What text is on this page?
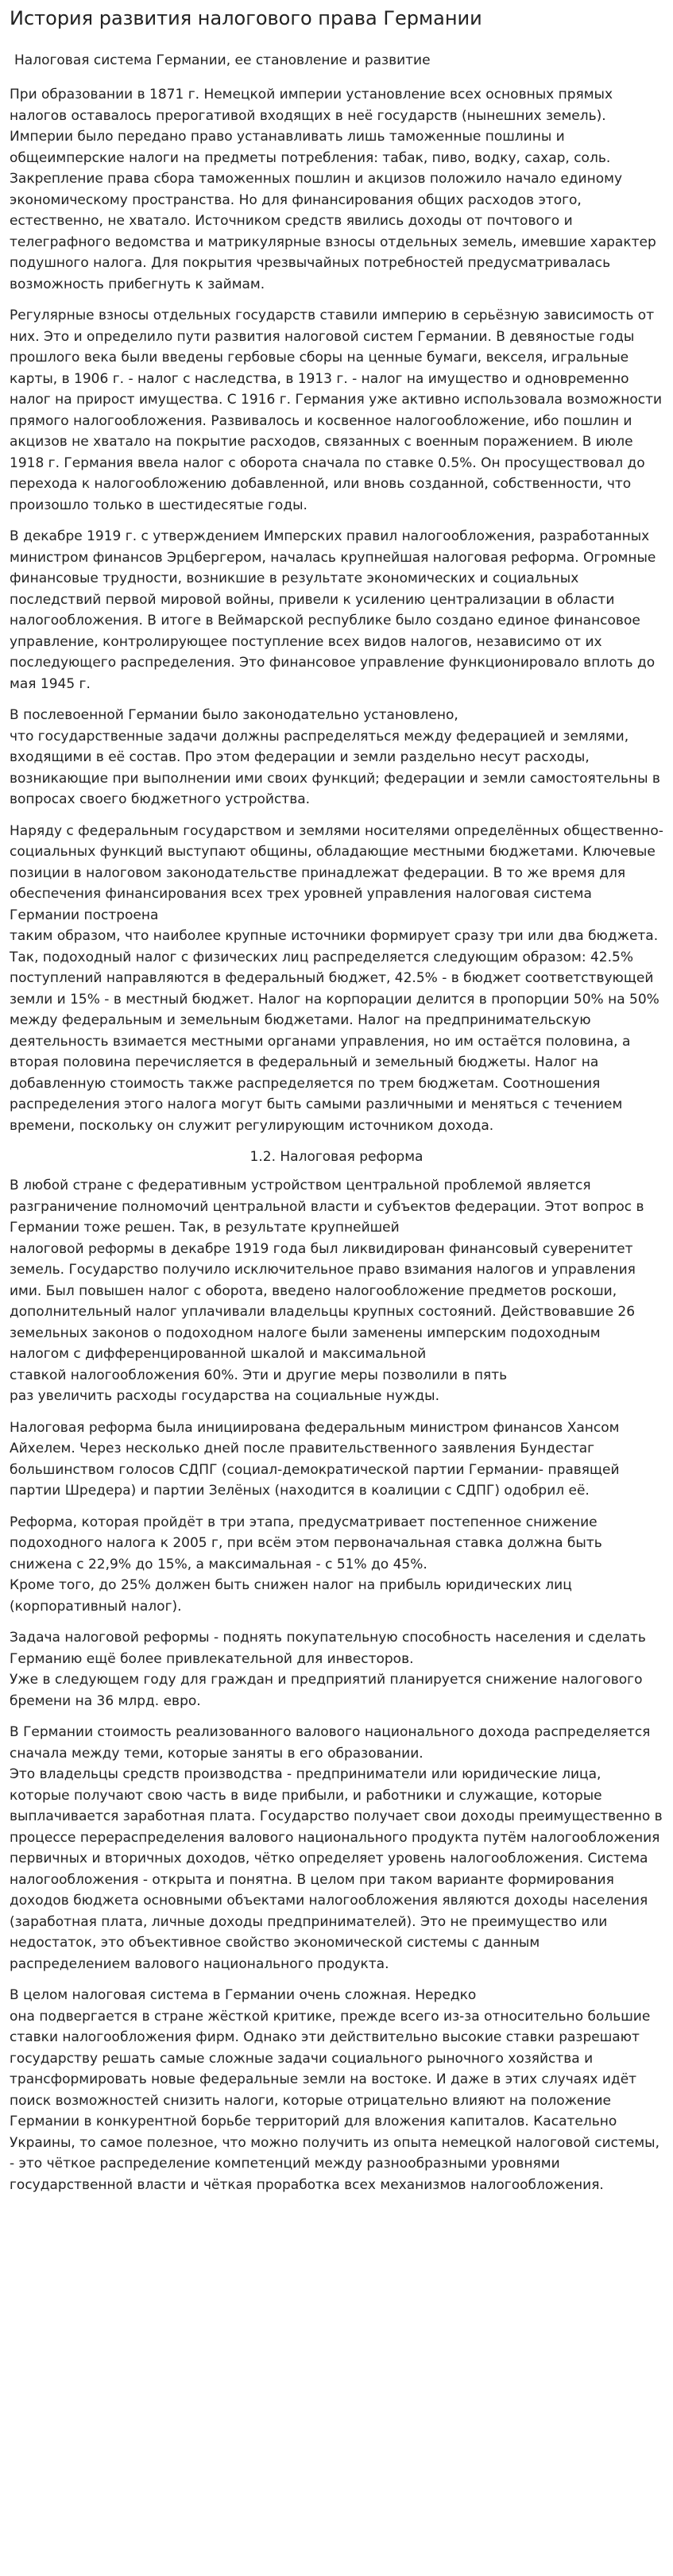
История развития налогового права Германии
Налоговая система Германии, ее становление и развитие

При образовании в 1871 г. Немецкой империи установление всех основных прямых налогов оставалось прерогативой входящих в неё государств (нынешних земель). Империи было передано право устанавливать лишь таможенные пошлины и общеимперские налоги на предметы потребления: табак, пиво, водку, сахар, соль. Закрепление права сбора таможенных пошлин и акцизов положило начало единому экономическому пространства. Но для финансирования общих расходов этого, естественно, не хватало. Источником средств явились доходы от почтового и телеграфного ведомства и матрикулярные взносы отдельных земель, имевшие характер подушного налога. Для покрытия чрезвычайных потребностей предусматривалась возможность прибегнуть к займам.

Регулярные взносы отдельных государств ставили империю в серьёзную зависимость от них. Это и определило пути развития налоговой систем Германии. В девяностые годы прошлого века были введены гербовые сборы на ценные бумаги, векселя, игральные карты, в 1906 г. - налог с наследства, в 1913 г. - налог на имущество и одновременно налог на прирост имущества. С 1916 г. Германия уже активно использовала возможности прямого налогообложения. Развивалось и косвенное налогообложение, ибо пошлин и акцизов не хватало на покрытие расходов, связанных с военным поражением. В июле 1918 г. Германия ввела налог с оборота сначала по ставке 0.5%. Он просуществовал до перехода к налогообложению добавленной, или вновь созданной, собственности, что произошло только в шестидесятые годы.

В декабре 1919 г. с утверждением Имперских правил налогообложения, разработанных министром финансов Эрцбергером, началась крупнейшая налоговая реформа. Огромные финансовые трудности, возникшие в результате экономических и социальных последствий первой мировой войны, привели к усилению централизации в области налогообложения. В итоге в Веймарской республике было создано единое финансовое управление, контролирующее поступление всех видов налогов, независимо от их последующего распределения. Это финансовое управление функционировало вплоть до мая 1945 г.

В послевоенной Германии было законодательно установлено,
что государственные задачи должны распределяться между федерацией и землями, входящими в её состав. Про этом федерации и земли раздельно несут расходы, возникающие при выполнении ими своих функций; федерации и земли самостоятельны в вопросах своего бюджетного устройства.

Наряду с федеральным государством и землями носителями определённых общественно-социальных функций выступают общины, обладающие местными бюджетами. Ключевые позиции в налоговом законодательстве принадлежат федерации. В то же время для обеспечения финансирования всех трех уровней управления налоговая система Германии построена
таким образом, что наиболее крупные источники формирует сразу три или два бюджета. Так, подоходный налог с физических лиц распределяется следующим образом: 42.5% поступлений направляются в федеральный бюджет, 42.5% - в бюджет соответствующей земли и 15% - в местный бюджет. Налог на корпорации делится в пропорции 50% на 50%
между федеральным и земельным бюджетами. Налог на предпринимательскую деятельность взимается местными органами управления, но им остаётся половина, а вторая половина перечисляется в федеральный и земельный бюджеты. Налог на добавленную стоимость также распределяется по трем бюджетам. Соотношения распределения этого налога могут быть самыми различными и меняться с течением времени, поскольку он служит регулирующим источником дохода.

1.2. Налоговая реформа

В любой стране с федеративным устройством центральной проблемой является разграничение полномочий центральной власти и субъектов федерации. Этот вопрос в Германии тоже решен. Так, в результате крупнейшей
налоговой реформы в декабре 1919 года был ликвидирован финансовый суверенитет земель. Государство получило исключительное право взимания налогов и управления ими. Был повышен налог с оборота, введено налогообложение предметов роскоши, дополнительный налог уплачивали владельцы крупных состояний. Действовавшие 26
земельных законов о подоходном налоге были заменены имперским подоходным налогом с дифференцированной шкалой и максимальной
ставкой налогообложения 60%. Эти и другие меры позволили в пять
раз увеличить расходы государства на социальные нужды.

Налоговая реформа была инициирована федеральным министром финансов Хансом Айхелем. Через несколько дней после правительственного заявления Бундестаг большинством голосов СДПГ (социал-демократической партии Германии- правящей партии Шредера) и партии Зелёных (находится в коалиции с СДПГ) одобрил её.

Реформа, которая пройдёт в три этапа, предусматривает постепенное снижение подоходного налога к 2005 г, при всём этом первоначальная ставка должна быть снижена с 22,9% до 15%, а максимальная - с 51% до 45%.
Кроме того, до 25% должен быть снижен налог на прибыль юридических лиц (корпоративный налог).

Задача налоговой реформы - поднять покупательную способность населения и сделать Германию ещё более привлекательной для инвесторов.
Уже в следующем году для граждан и предприятий планируется снижение налогового бремени на 36 млрд. евро.

В Германии стоимость реализованного валового национального дохода распределяется сначала между теми, которые заняты в его образовании.
Это владельцы средств производства - предприниматели или юридические лица, которые получают свою часть в виде прибыли, и работники и служащие, которые выплачивается заработная плата. Государство получает свои доходы преимущественно в процессе перераспределения валового национального продукта путём налогообложения первичных и вторичных доходов, чётко определяет уровень налогообложения. Система налогообложения - открыта и понятна. В целом при таком варианте формирования доходов бюджета основными объектами налогообложения являются доходы населения (заработная плата, личные доходы предпринимателей). Это не преимущество или недостаток, это объективное свойство экономической системы с данным распределением валового национального продукта.

В целом налоговая система в Германии очень сложная. Нередко
она подвергается в стране жёсткой критике, прежде всего из-за относительно большие ставки налогообложения фирм. Однако эти действительно высокие ставки разрешают государству решать самые сложные задачи социального рыночного хозяйства и трансформировать новые федеральные земли на востоке. И даже в этих случаях идёт поиск возможностей снизить налоги, которые отрицательно влияют на положение Германии в конкурентной борьбе территорий для вложения капиталов. Касательно Украины, то самое полезное, что можно получить из опыта немецкой налоговой системы, - это чёткое распределение компетенций между разнообразными уровнями государственной власти и чёткая проработка всех механизмов налогообложения.
